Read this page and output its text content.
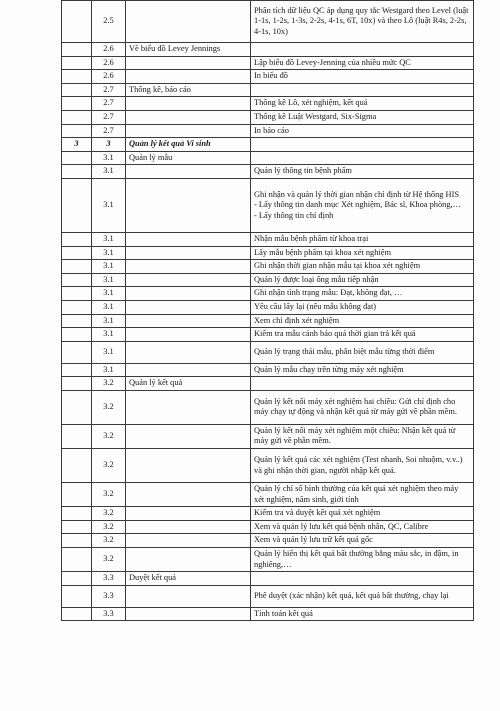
	2.5		Phân tích dữ liệu QC áp dụng quy tắc Westgard theo Level (luật 1-1s, 1-2s, 1-3s, 2-2s, 4-1s, 6T, 10x) và theo Lô (luật R4s, 2-2s, 4-1s, 10x)
	2.6	Vẽ biểu đồ Levey Jennings	
	2.6		Lập biểu đồ Levey-Jenning của nhiều mức QC
	2.6		In biểu đồ
	2.7	Thống kê, báo cáo	
	2.7		Thống kê Lô, xét nghiệm, kết quả
	2.7		Thống kê Luật Westgard, Six-Sigma
	2.7		In báo cáo
3	3	Quản lý kết quả Vi sinh	
	3.1	Quản lý mẫu	
	3.1		Quản lý thông tin bệnh phẩm
	3.1		Ghi nhận và quản lý thời gian nhận chỉ định từ Hệ thống HIS
- Lấy thông tin danh mục Xét nghiệm, Bác sĩ, Khoa phòng,…
- Lấy thông tin chỉ định
	3.1		Nhận mẫu bệnh phẩm từ khoa trại
	3.1		Lấy mẫu bệnh phẩm tại khoa xét nghiệm
	3.1		Ghi nhận thời gian nhận mẫu tại khoa xét nghiệm
	3.1		Quản lý được loại ống mẫu tiếp nhận
	3.1		Ghi nhận tình trạng mẫu: Đạt, không đạt, …
	3.1		Yêu cầu lấy lại (nếu mẫu không đạt)
	3.1		Xem chỉ định xét nghiệm
	3.1		Kiểm tra mẫu cảnh báo quá thời gian trả kết quả
	3.1		Quản lý trạng thái mẫu, phân biệt mẫu từng thời điểm
	3.1		Quản lý mẫu chạy trên từng máy xét nghiệm
	3.2	Quản lý kết quả	
	3.2		Quản lý kết nối máy xét nghiệm hai chiều: Gửi chỉ định cho máy chạy tự động và nhận kết quả từ máy gửi về phần mềm.
	3.2		Quản lý kết nối máy xét nghiệm một chiều: Nhận kết quả từ máy gửi về phần mềm.
	3.2		Quản lý kết quả các xét nghiệm (Test nhanh, Soi nhuộm, v.v..) và ghi nhận thời gian, người nhập kết quả.
	3.2		Quản lý chỉ số bình thường của kết quả xét nghiệm theo máy xét nghiệm, năm sinh, giới tính
	3.2		Kiểm tra và duyệt kết quả xét nghiệm
	3.2		Xem và quản lý lưu kết quả bệnh nhân, QC, Calibre
	3.2		Xem và quản lý lưu trữ kết quả gốc
	3.2		Quản lý hiển thị kết quả bất thường bằng màu sắc, in đậm, in nghiêng,…
	3.3	Duyệt kết quả	
	3.3		Phê duyệt (xác nhận) kết quả, kết quả bất thường, chạy lại
	3.3		Tính toán kết quả
